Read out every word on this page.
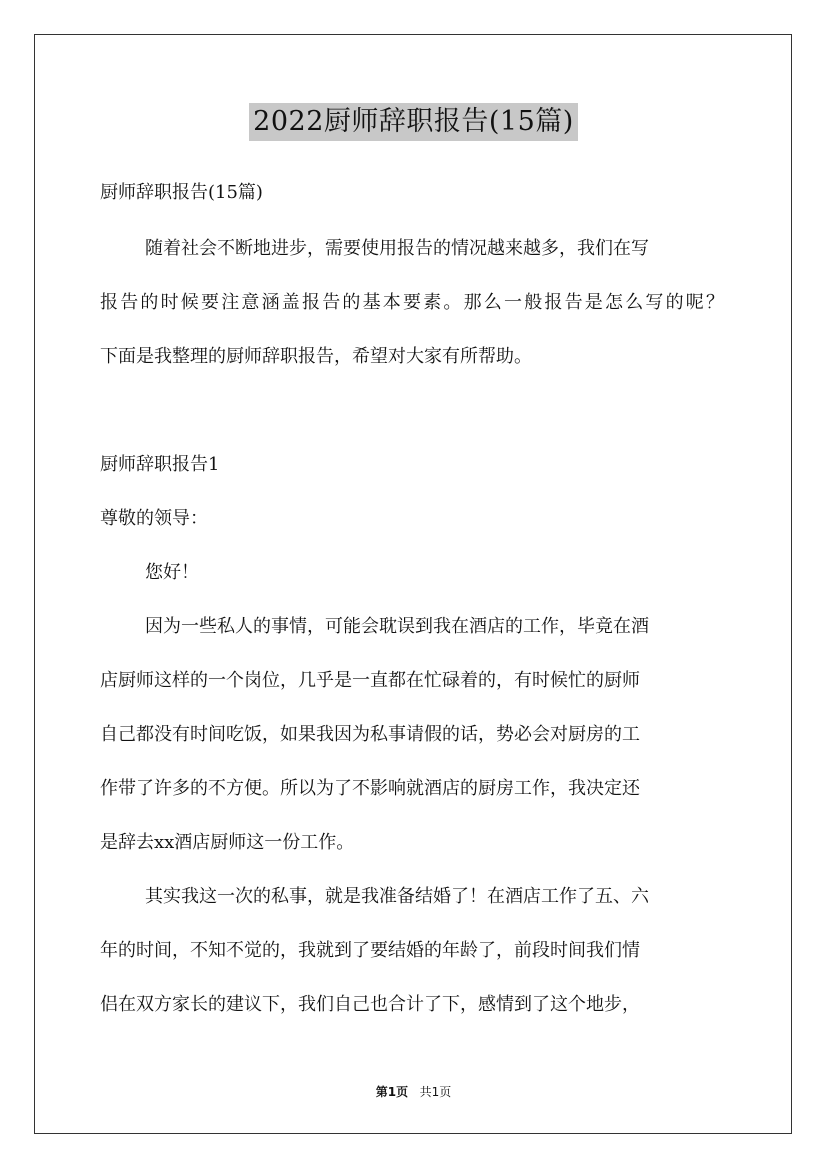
2022厨师辞职报告(15篇)
厨师辞职报告(15篇)
随着社会不断地进步，需要使用报告的情况越来越多，我们在写
报告的时候要注意涵盖报告的基本要素。那么一般报告是怎么写的呢？
下面是我整理的厨师辞职报告，希望对大家有所帮助。
厨师辞职报告1
尊敬的领导：
您好！
因为一些私人的事情，可能会耽误到我在酒店的工作，毕竟在酒
店厨师这样的一个岗位，几乎是一直都在忙碌着的，有时候忙的厨师
自己都没有时间吃饭，如果我因为私事请假的话，势必会对厨房的工
作带了许多的不方便。所以为了不影响就酒店的厨房工作，我决定还
是辞去xx酒店厨师这一份工作。
其实我这一次的私事，就是我准备结婚了！在酒店工作了五、六
年的时间，不知不觉的，我就到了要结婚的年龄了，前段时间我们情
侣在双方家长的建议下，我们自己也合计了下，感情到了这个地步，
第1页 共1页
